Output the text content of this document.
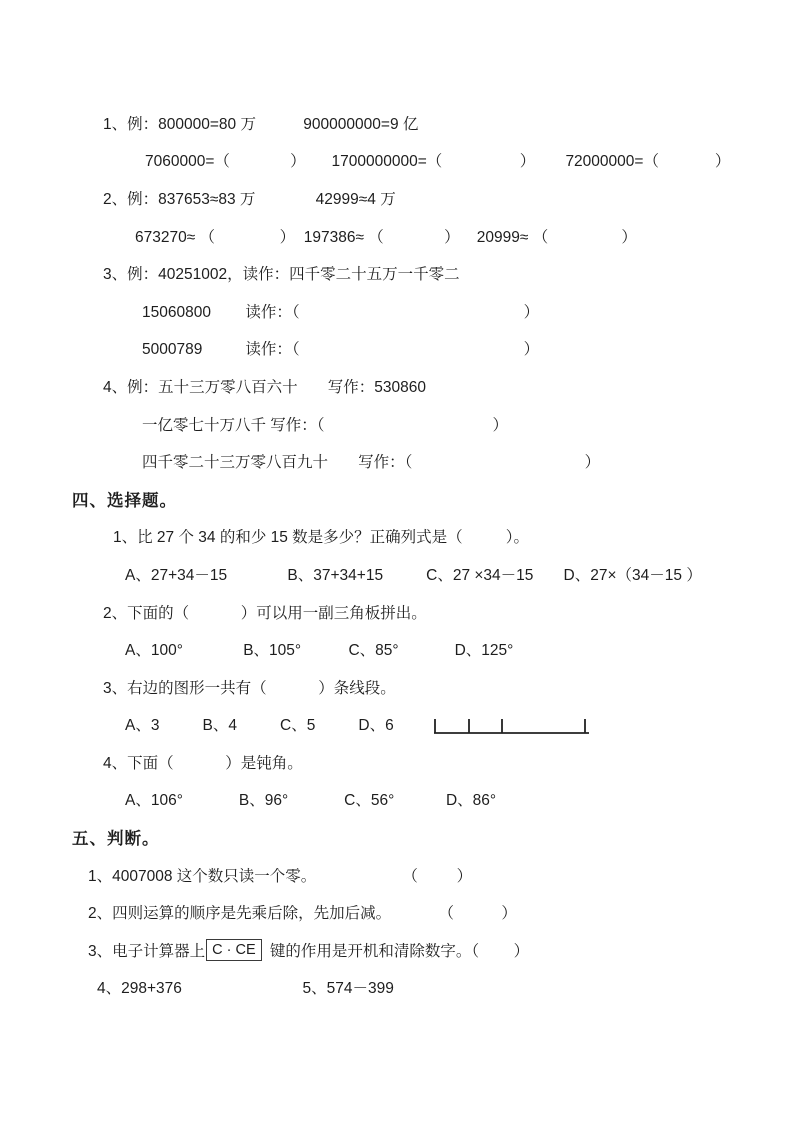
1、例：800000=80 万           900000000=9 亿
7060000=（              ）      1700000000=（                  ）       72000000=（             ）
2、例：837653≈83 万              42999≈4 万
673270≈ （               ）  197386≈ （              ）    20999≈ （                 ）
3、例：40251002，读作：四千零二十五万一千零二
15060800        读作：（                                                    ）
5000789          读作：（                                                    ）
4、例：五十三万零八百六十       写作：530860
一亿零七十万八千 写作：（                                       ）
四千零二十三万零八百九十       写作：（                                        ）
四、选择题。
1、比 27 个 34 的和少 15 数是多少？正确列式是（          ）。
A、27+34－15              B、37+34+15          C、27 ×34－15       D、27×（34－15 ）
2、下面的（            ）可以用一副三角板拼出。
A、100°              B、105°           C、85°             D、125°
3、右边的图形一共有（            ）条线段。
A、3          B、4          C、5          D、6
4、下面（            ）是钝角。
A、106°             B、96°             C、56°            D、86°
五、判断。
1、4007008 这个数只读一个零。                    （         ）
2、四则运算的顺序是先乘后除，先加后减。           （           ）
3、电子计算器上 C · CE 键的作用是开机和清除数字。（        ）
4、298+376                            5、574－399
